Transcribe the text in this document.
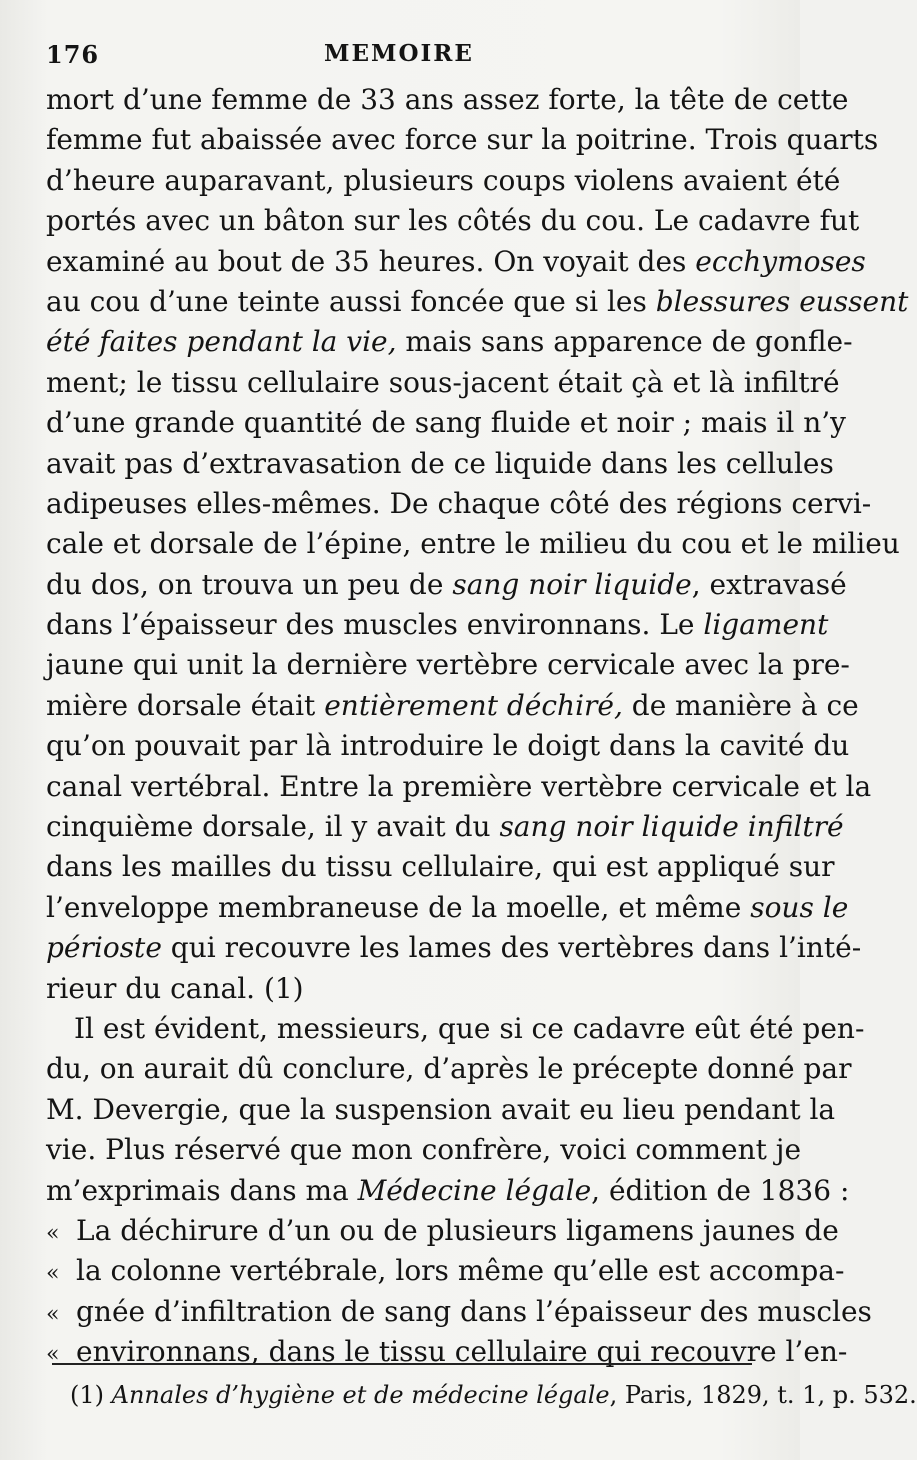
176	MEMOIRE
mort d’une femme de 33 ans assez forte, la tête de cette
femme fut abaissée avec force sur la poitrine. Trois quarts
d’heure auparavant, plusieurs coups violens avaient été
portés avec un bâton sur les côtés du cou. Le cadavre fut
examiné au bout de 35 heures. On voyait des ecchymoses
au cou d’une teinte aussi foncée que si les blessures eussent
été faites pendant la vie, mais sans apparence de gonfle-
ment; le tissu cellulaire sous-jacent était çà et là infiltré
d’une grande quantité de sang fluide et noir ; mais il n’y
avait pas d’extravasation de ce liquide dans les cellules
adipeuses elles-mêmes. De chaque côté des régions cervi-
cale et dorsale de l’épine, entre le milieu du cou et le milieu
du dos, on trouva un peu de sang noir liquide, extravasé
dans l’épaisseur des muscles environnans. Le ligament
jaune qui unit la dernière vertèbre cervicale avec la pre-
mière dorsale était entièrement déchiré, de manière à ce
qu’on pouvait par là introduire le doigt dans la cavité du
canal vertébral. Entre la première vertèbre cervicale et la
cinquième dorsale, il y avait du sang noir liquide infiltré
dans les mailles du tissu cellulaire, qui est appliqué sur
l’enveloppe membraneuse de la moelle, et même sous le
périoste qui recouvre les lames des vertèbres dans l’inté-
rieur du canal. (1)
Il est évident, messieurs, que si ce cadavre eût été pen-
du, on aurait dû conclure, d’après le précepte donné par
M. Devergie, que la suspension avait eu lieu pendant la
vie. Plus réservé que mon confrère, voici comment je
m’exprimais dans ma Médecine légale, édition de 1836 :
« La déchirure d’un ou de plusieurs ligamens jaunes de
« la colonne vertébrale, lors même qu’elle est accompa-
« gnée d’infiltration de sang dans l’épaisseur des muscles
« environnans, dans le tissu cellulaire qui recouvre l’en-
(1) Annales d’hygiène et de médecine légale, Paris, 1829, t. 1, p. 532.
